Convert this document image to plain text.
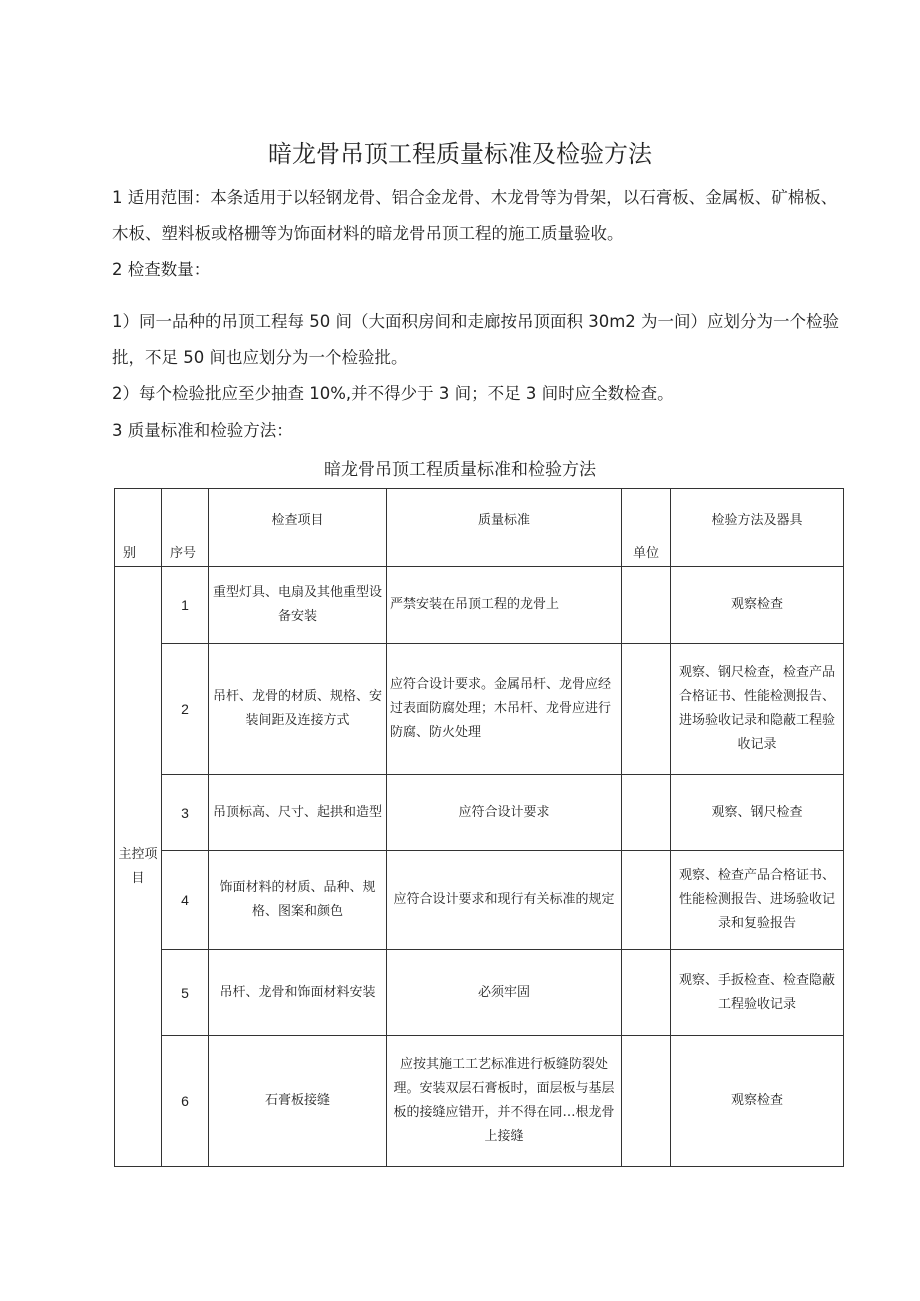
暗龙骨吊顶工程质量标准及检验方法

1 适用范围：本条适用于以轻钢龙骨、铝合金龙骨、木龙骨等为骨架，以石膏板、金属板、矿棉板、木板、塑料板或格栅等为饰面材料的暗龙骨吊顶工程的施工质量验收。

2 检查数量：

1）同一品种的吊顶工程每 50 间（大面积房间和走廊按吊顶面积 30m2 为一间）应划分为一个检验批，不足 50 间也应划分为一个检验批。

2）每个检验批应至少抽查 10%,并不得少于 3 间；不足 3 间时应全数检查。

3 质量标准和检验方法：

暗龙骨吊顶工程质量标准和检验方法
别	序号	检查项目	质量标准	单位	检验方法及器具
主控项目	1	重型灯具、电扇及其他重型设备安装	严禁安装在吊顶工程的龙骨上		观察检查
	2	吊杆、龙骨的材质、规格、安装间距及连接方式	应符合设计要求。金属吊杆、龙骨应经过表面防腐处理；木吊杆、龙骨应进行防腐、防火处理		观察、钢尺检查，检查产品合格证书、性能检测报告、进场验收记录和隐蔽工程验收记录
	3	吊顶标高、尺寸、起拱和造型	应符合设计要求		观察、钢尺检查
	4	饰面材料的材质、品种、规格、图案和颜色	应符合设计要求和现行有关标准的规定		观察、检查产品合格证书、性能检测报告、进场验收记录和复验报告
	5	吊杆、龙骨和饰面材料安装	必须牢固		观察、手扳检查、检查隐蔽工程验收记录
	6	石膏板接缝	应按其施工工艺标准进行板缝防裂处理。安装双层石膏板时，面层板与基层板的接缝应错开，并不得在同…根龙骨上接缝		观察检查
